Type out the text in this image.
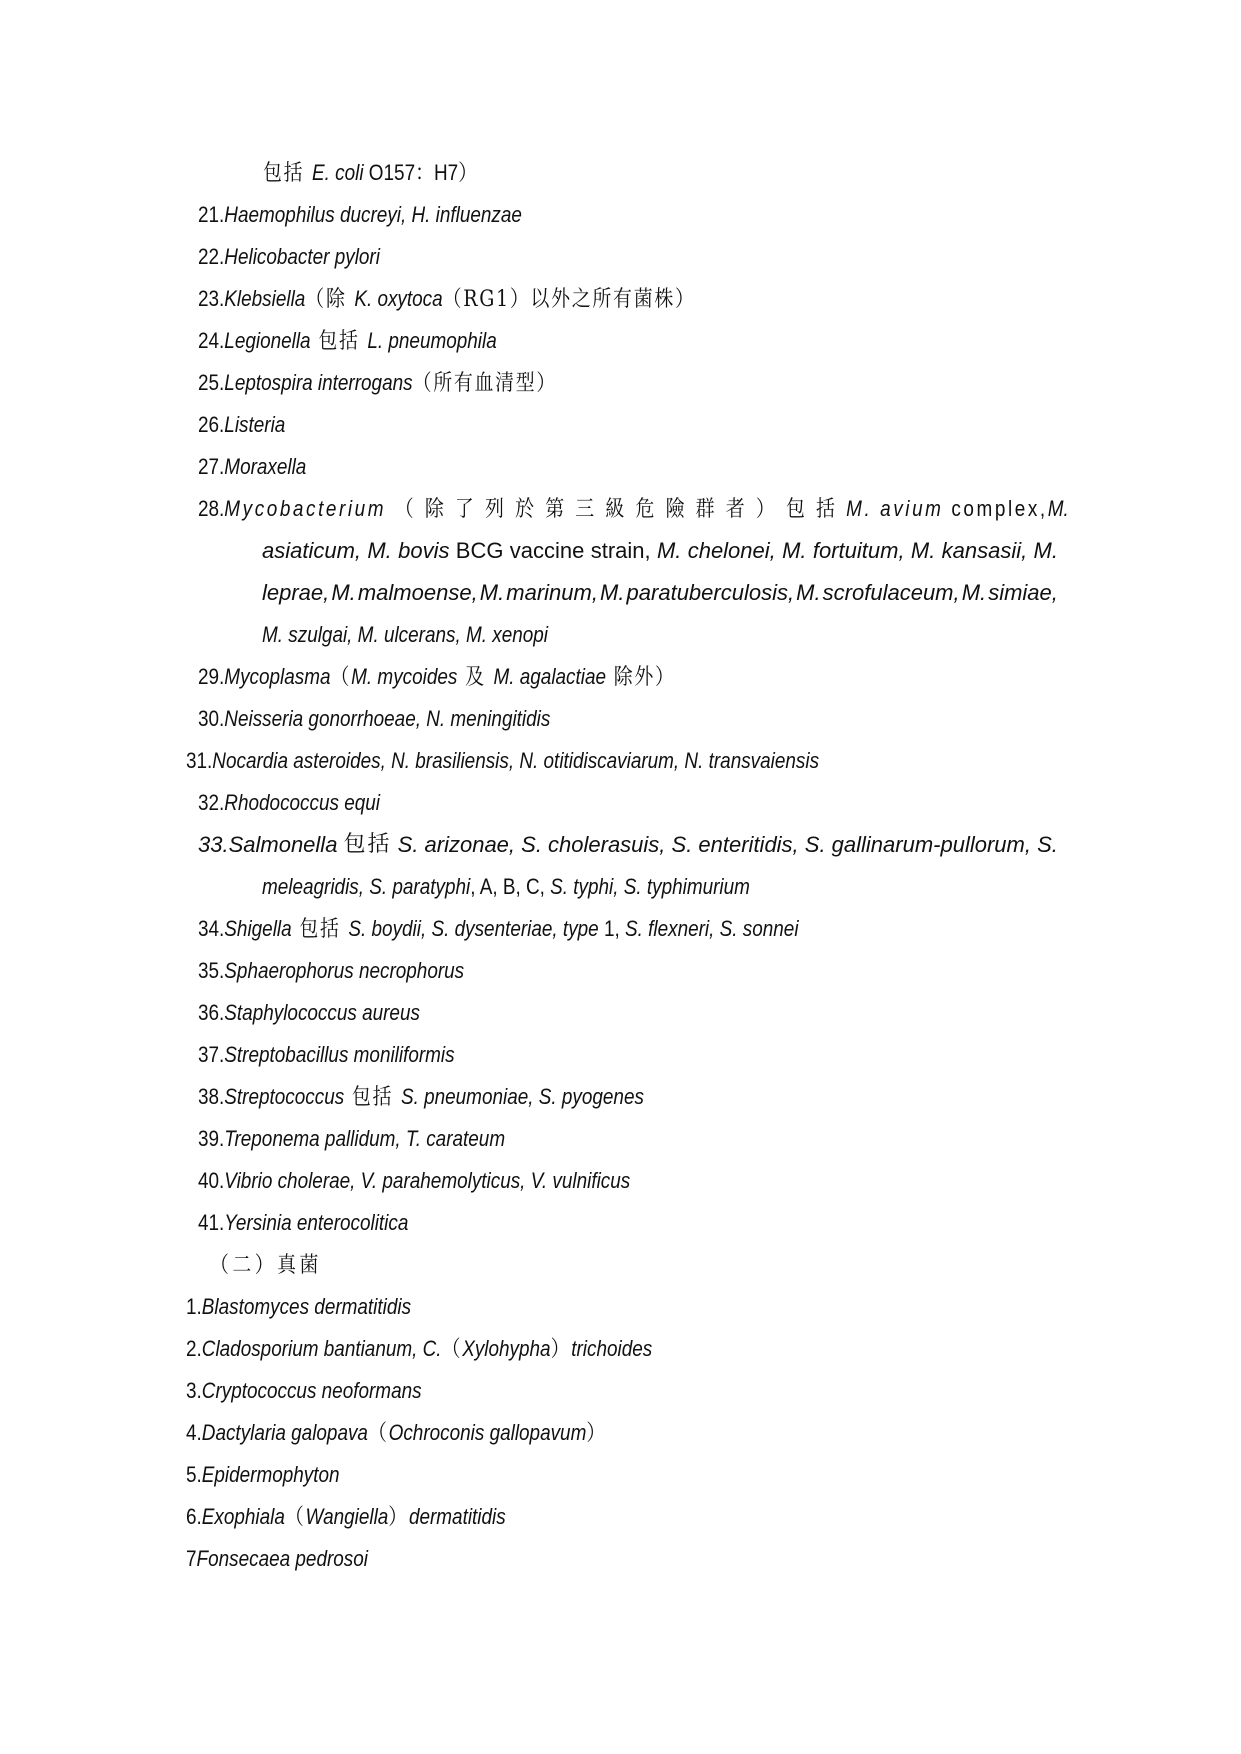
包括 E. coli O157：H7）
21.Haemophilus ducreyi, H. influenzae
22.Helicobacter pylori
23.Klebsiella（除 K. oxytoca（RG1）以外之所有菌株）
24.Legionella 包括 L. pneumophila
25.Leptospira interrogans（所有血清型）
26.Listeria
27.Moraxella
28.Mycobacterium （ 除 了 列 於 第 三 級 危 險 群 者 ） 包 括 M. avium complex,M.
asiaticum, M. bovis BCG vaccine strain, M. chelonei, M. fortuitum, M. kansasii, M.
leprae, M. malmoense, M. marinum, M. paratuberculosis, M. scrofulaceum, M. simiae,
M. szulgai, M. ulcerans, M. xenopi
29.Mycoplasma（M. mycoides 及 M. agalactiae 除外）
30.Neisseria gonorrhoeae, N. meningitidis
31.Nocardia asteroides, N. brasiliensis, N. otitidiscaviarum, N. transvaiensis
32.Rhodococcus equi
33.Salmonella 包括 S. arizonae, S. cholerasuis, S. enteritidis, S. gallinarum-pullorum, S.
meleagridis, S. paratyphi, A, B, C, S. typhi, S. typhimurium
34.Shigella 包括 S. boydii, S. dysenteriae, type 1, S. flexneri, S. sonnei
35.Sphaerophorus necrophorus
36.Staphylococcus aureus
37.Streptobacillus moniliformis
38.Streptococcus 包括 S. pneumoniae, S. pyogenes
39.Treponema pallidum, T. carateum
40.Vibrio cholerae, V. parahemolyticus, V. vulnificus
41.Yersinia enterocolitica
（二）真菌
1.Blastomyces dermatitidis
2.Cladosporium bantianum, C.（Xylohypha）trichoides
3.Cryptococcus neoformans
4.Dactylaria galopava（Ochroconis gallopavum）
5.Epidermophyton
6.Exophiala（Wangiella）dermatitidis
7Fonsecaea pedrosoi
